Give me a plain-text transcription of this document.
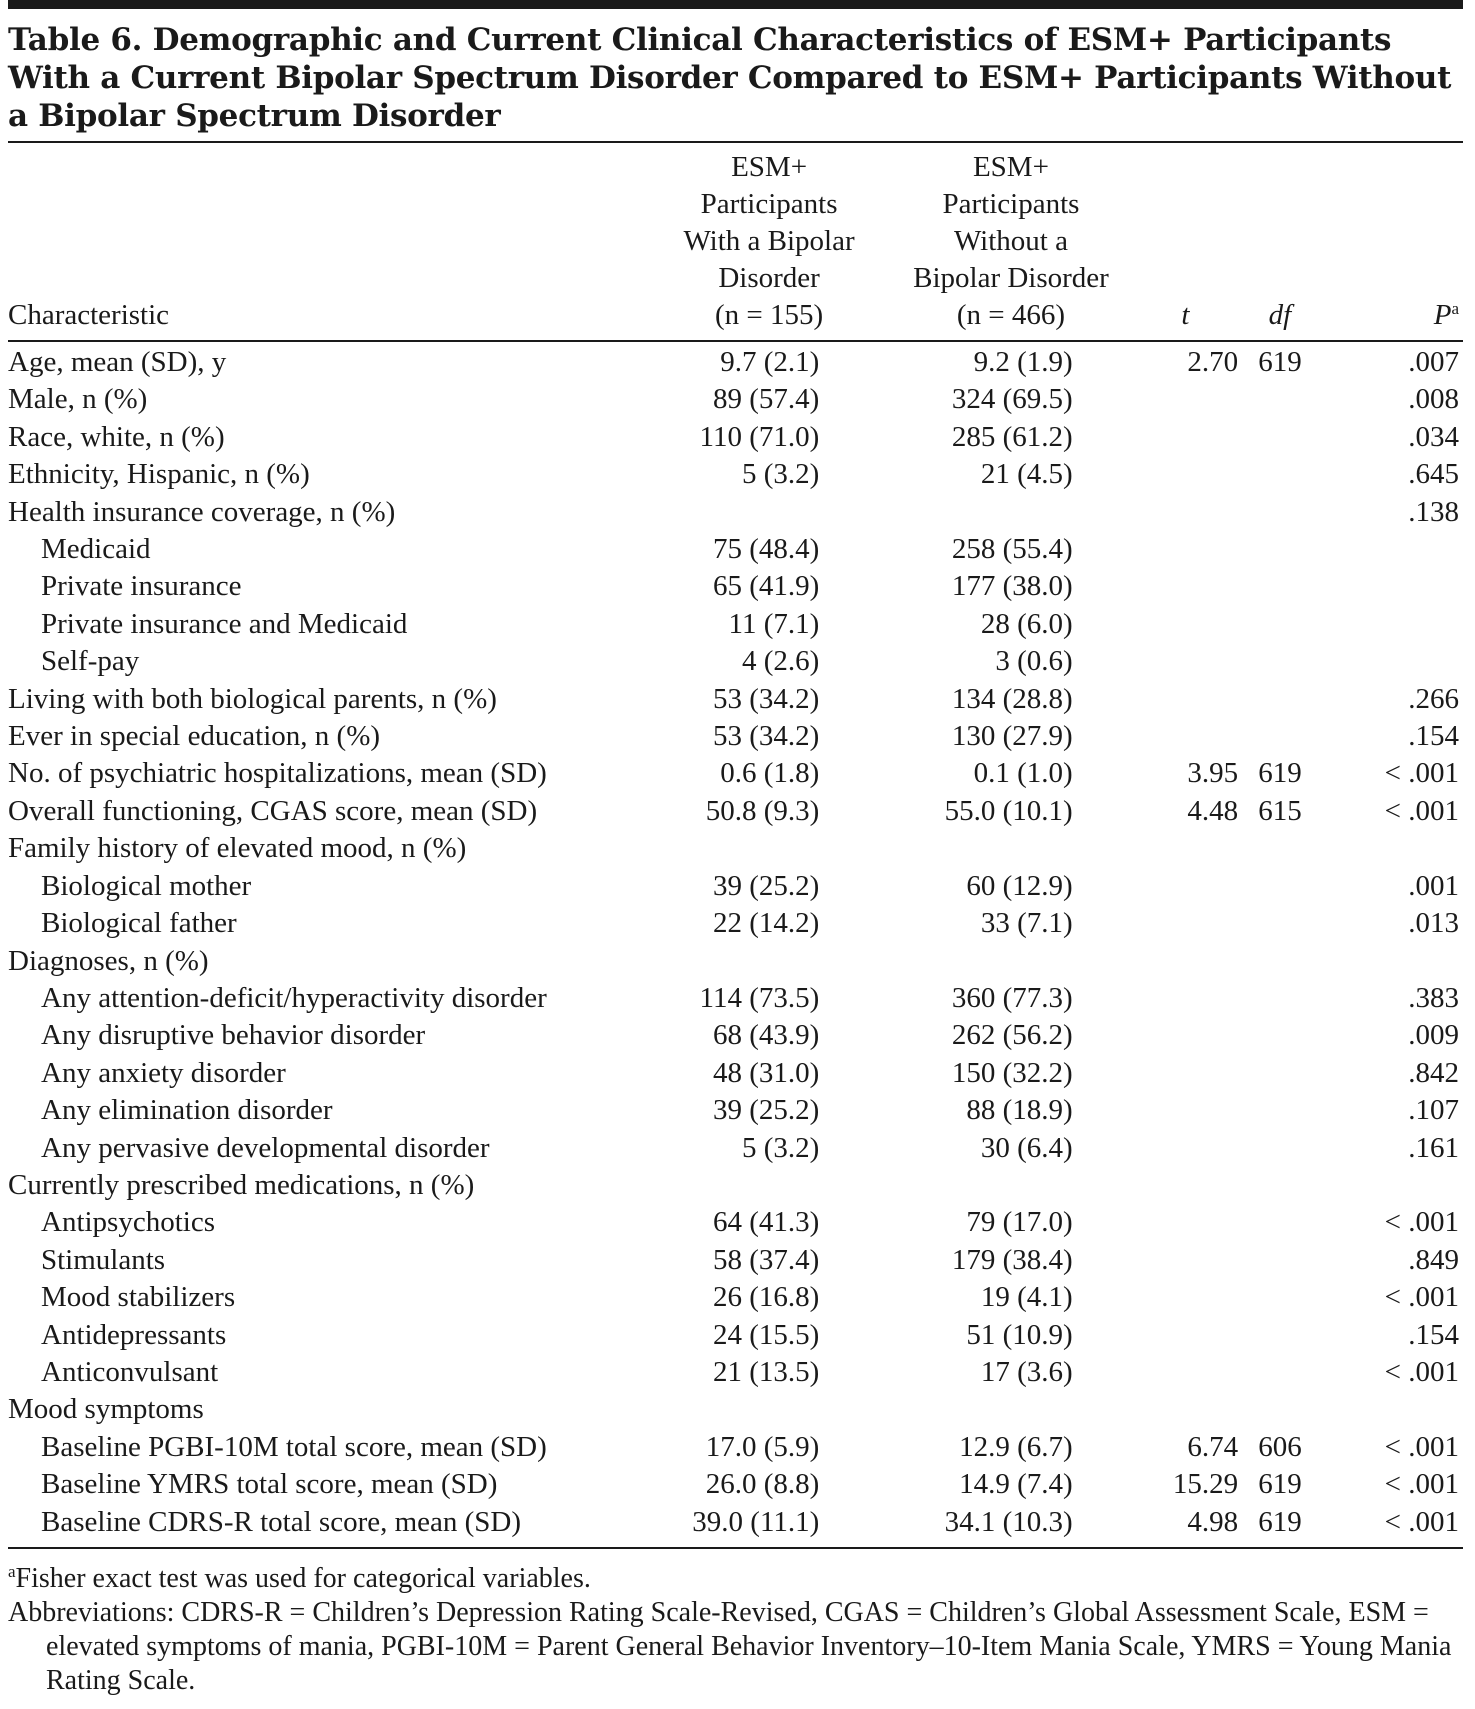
Table 6. Demographic and Current Clinical Characteristics of ESM+ Participants With a Current Bipolar Spectrum Disorder Compared to ESM+ Participants Without a Bipolar Spectrum Disorder
Characteristic	ESM+
Participants
With a Bipolar
Disorder
(n = 155)	ESM+
Participants
Without a
Bipolar Disorder
(n = 466)	t	df	$P^a$
Age, mean (SD), y	9.7 (2.1)	9.2 (1.9)	2.70	619	.007
Male, n (%)	89 (57.4)	324 (69.5)			.008
Race, white, n (%)	110 (71.0)	285 (61.2)			.034
Ethnicity, Hispanic, n (%)	5 (3.2)	21 (4.5)			.645
Health insurance coverage, n (%)					.138
Medicaid	75 (48.4)	258 (55.4)			
Private insurance	65 (41.9)	177 (38.0)			
Private insurance and Medicaid	11 (7.1)	28 (6.0)			
Self-pay	4 (2.6)	3 (0.6)			
Living with both biological parents, n (%)	53 (34.2)	134 (28.8)			.266
Ever in special education, n (%)	53 (34.2)	130 (27.9)			.154
No. of psychiatric hospitalizations, mean (SD)	0.6 (1.8)	0.1 (1.0)	3.95	619	< .001
Overall functioning, CGAS score, mean (SD)	50.8 (9.3)	55.0 (10.1)	4.48	615	< .001
Family history of elevated mood, n (%)					
Biological mother	39 (25.2)	60 (12.9)			.001
Biological father	22 (14.2)	33 (7.1)			.013
Diagnoses, n (%)					
Any attention-deficit/hyperactivity disorder	114 (73.5)	360 (77.3)			.383
Any disruptive behavior disorder	68 (43.9)	262 (56.2)			.009
Any anxiety disorder	48 (31.0)	150 (32.2)			.842
Any elimination disorder	39 (25.2)	88 (18.9)			.107
Any pervasive developmental disorder	5 (3.2)	30 (6.4)			.161
Currently prescribed medications, n (%)					
Antipsychotics	64 (41.3)	79 (17.0)			< .001
Stimulants	58 (37.4)	179 (38.4)			.849
Mood stabilizers	26 (16.8)	19 (4.1)			< .001
Antidepressants	24 (15.5)	51 (10.9)			.154
Anticonvulsant	21 (13.5)	17 (3.6)			< .001
Mood symptoms					
Baseline PGBI-10M total score, mean (SD)	17.0 (5.9)	12.9 (6.7)	6.74	606	< .001
Baseline YMRS total score, mean (SD)	26.0 (8.8)	14.9 (7.4)	15.29	619	< .001
Baseline CDRS-R total score, mean (SD)	39.0 (11.1)	34.1 (10.3)	4.98	619	< .001

$^a$Fisher exact test was used for categorical variables.

Abbreviations: CDRS-R = Children’s Depression Rating Scale-Revised, CGAS = Children’s Global Assessment Scale, ESM = elevated symptoms of mania, PGBI-10M = Parent General Behavior Inventory–10-Item Mania Scale, YMRS = Young Mania Rating Scale.
